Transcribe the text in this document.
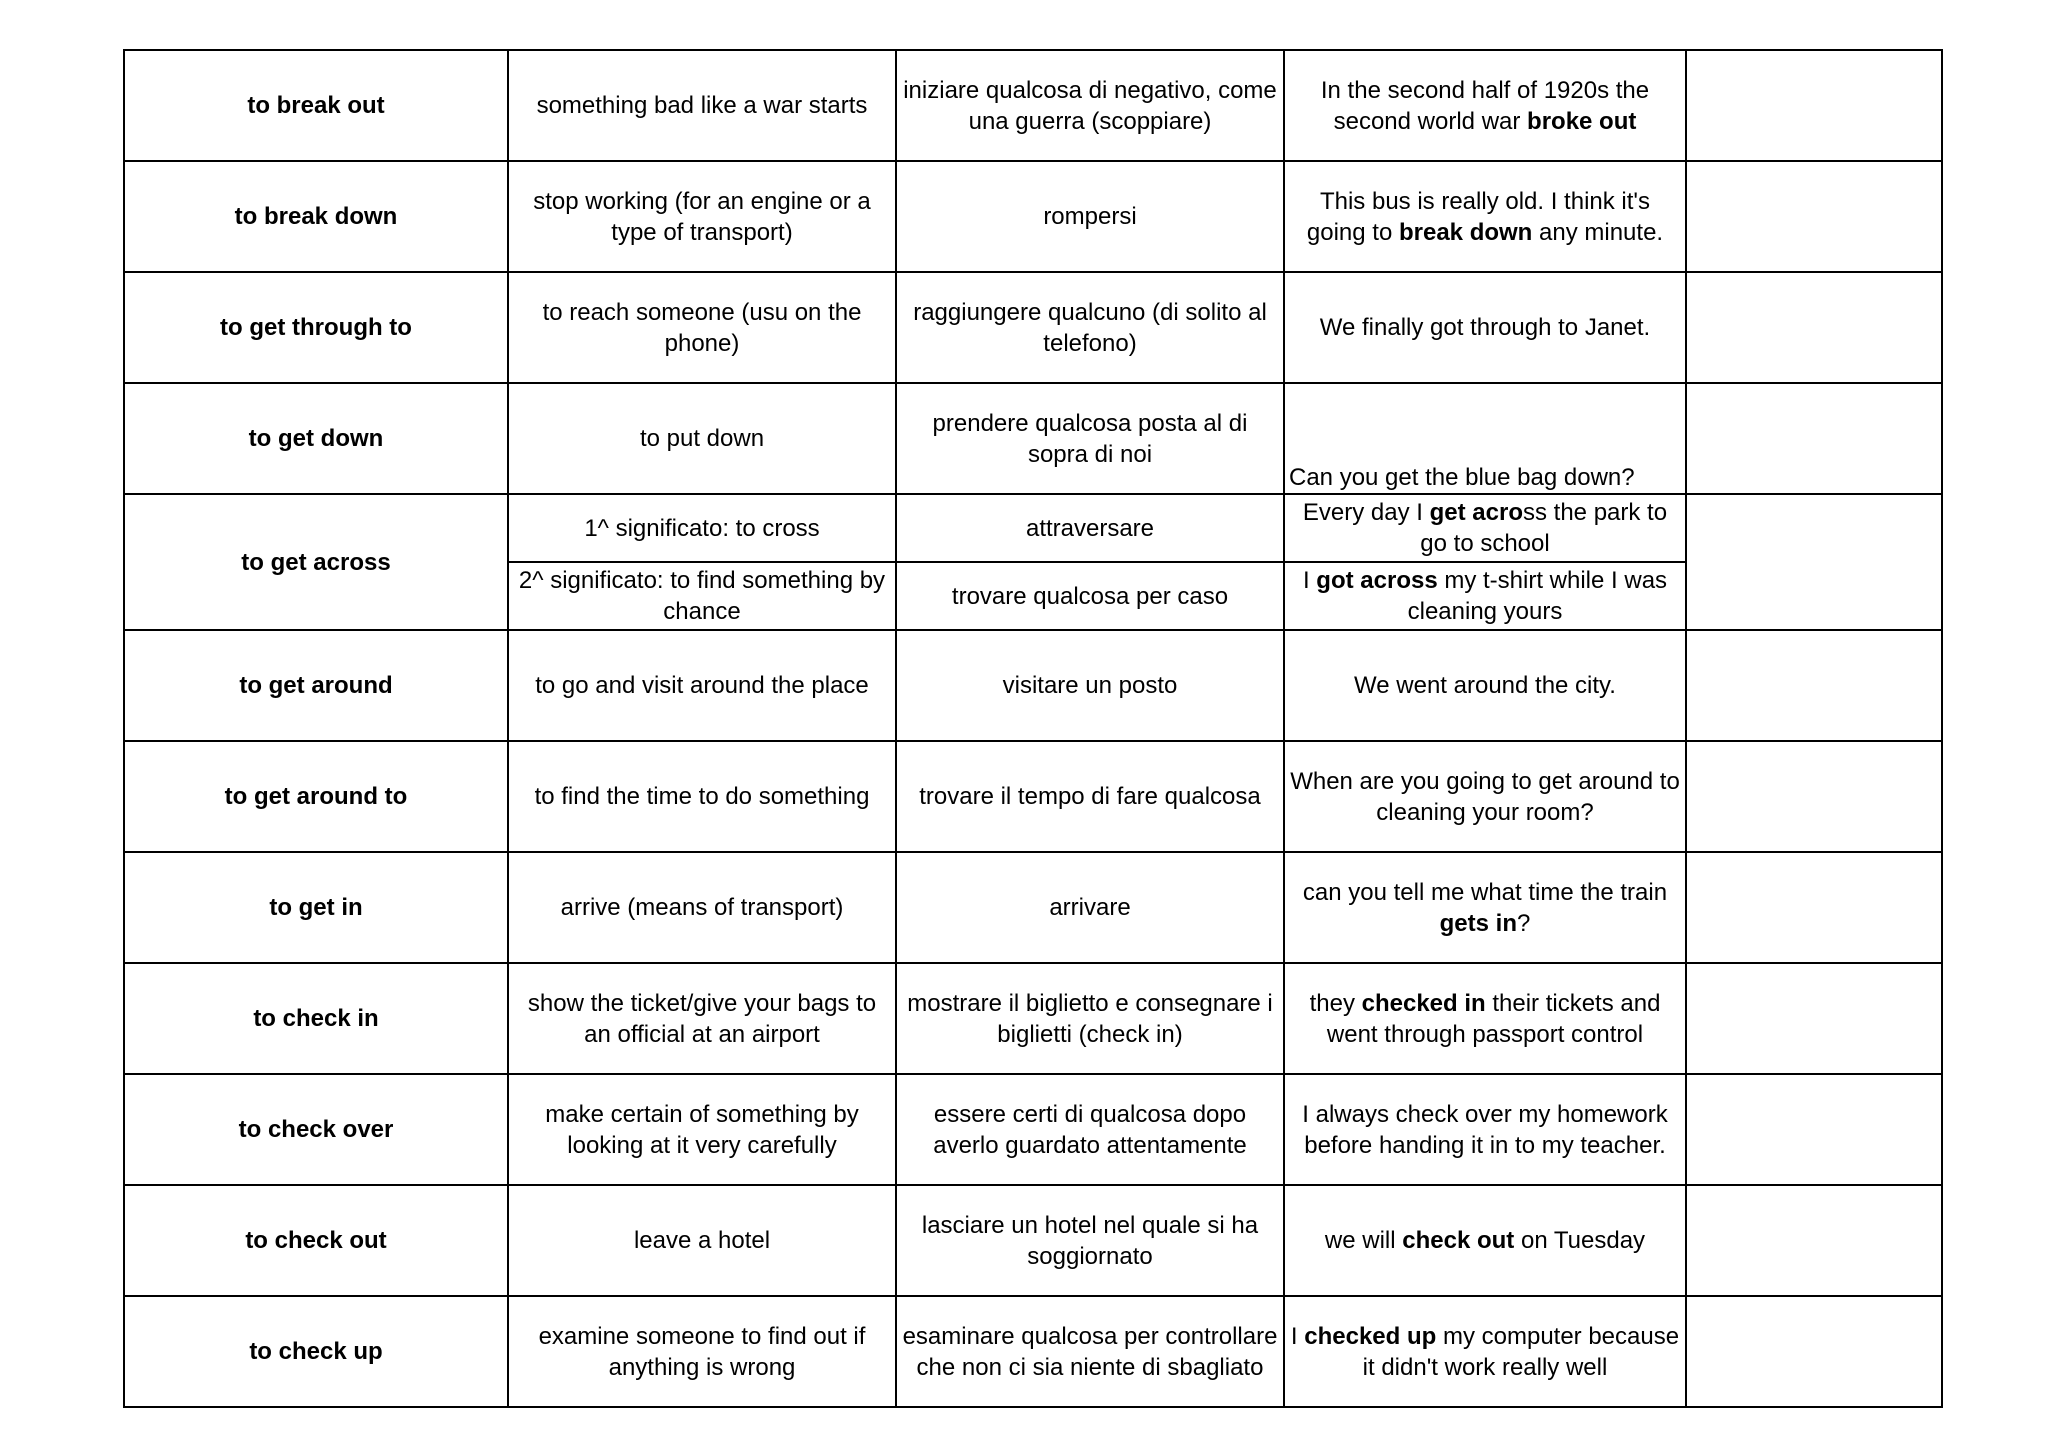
to break out	something bad like a war starts	iniziare qualcosa di negativo, come una guerra (scoppiare)	In the second half of 1920s the second world war broke out	
to break down	stop working (for an engine or a type of transport)	rompersi	This bus is really old. I think it's going to break down any minute.	
to get through to	to reach someone (usu on the phone)	raggiungere qualcuno (di solito al telefono)	We finally got through to Janet.	
to get down	to put down	prendere qualcosa posta al di sopra di noi	Can you get the blue bag down?	
to get across	1^ significato: to cross	attraversare	Every day I get across the park to go to school	
	2^ significato: to find something by chance	trovare qualcosa per caso	I got across my t-shirt while I was cleaning yours	
to get around	to go and visit around the place	visitare un posto	We went around the city.	
to get around to	to find the time to do something	trovare il tempo di fare qualcosa	When are you going to get around to cleaning your room?	
to get in	arrive (means of transport)	arrivare	can you tell me what time the train gets in?	
to check in	show the ticket/give your bags to an official at an airport	mostrare il biglietto e consegnare i biglietti (check in)	they checked in their tickets and went through passport control	
to check over	make certain of something by looking at it very carefully	essere certi di qualcosa dopo averlo guardato attentamente	I always check over my homework before handing it in to my teacher.	
to check out	leave a hotel	lasciare un hotel nel quale si ha soggiornato	we will check out on Tuesday	
to check up	examine someone to find out if anything is wrong	esaminare qualcosa per controllare che non ci sia niente di sbagliato	I checked up my computer because it didn't work really well	
